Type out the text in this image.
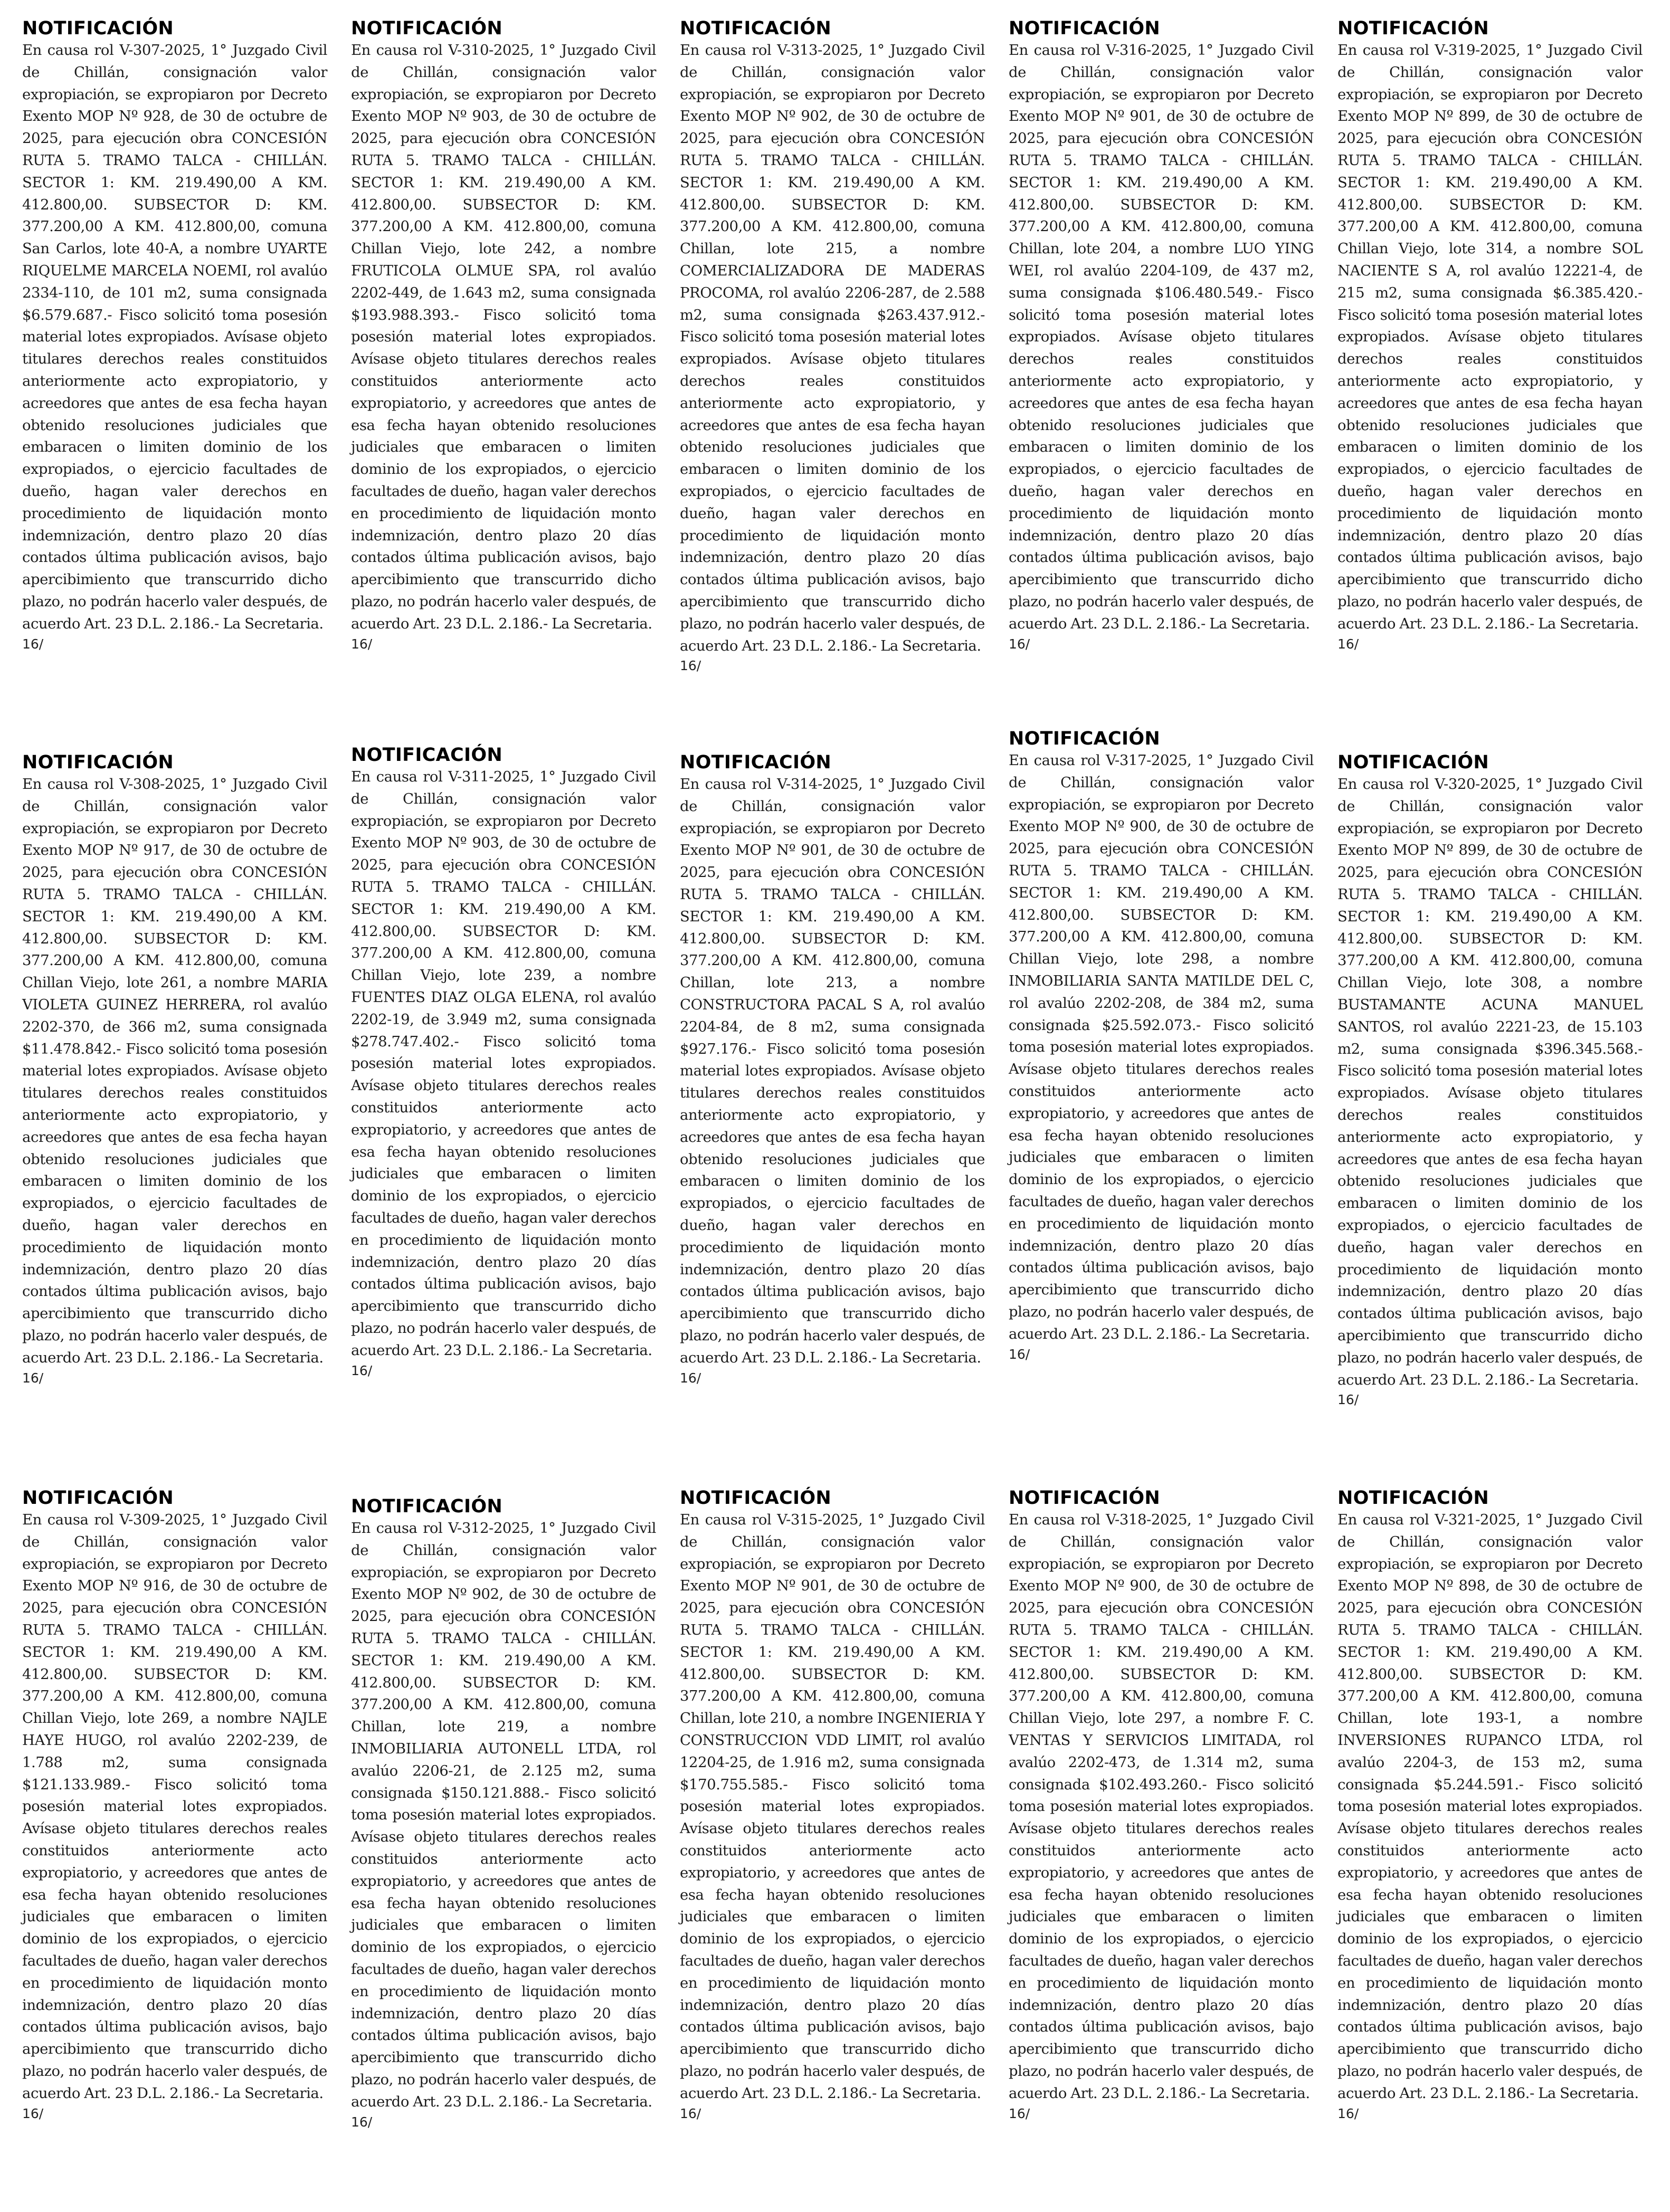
NOTIFICACIÓN

En causa rol V-307-2025, 1° Juzgado Civil de Chillán, consignación valor expropiación, se expropiaron por Decreto Exento MOP Nº 928, de 30 de octubre de 2025, para ejecución obra CONCESIÓN RUTA 5. TRAMO TALCA - CHILLÁN. SECTOR 1: KM. 219.490,00 A KM. 412.800,00. SUBSECTOR D: KM. 377.200,00 A KM. 412.800,00, comuna San Carlos, lote 40-A, a nombre UYARTE RIQUELME MARCELA NOEMI, rol avalúo 2334-110, de 101 m2, suma consignada $6.579.687.- Fisco solicitó toma posesión material lotes expropiados. Avísase objeto titulares derechos reales constituidos anteriormente acto expropiatorio, y acreedores que antes de esa fecha hayan obtenido resoluciones judiciales que embaracen o limiten dominio de los expropiados, o ejercicio facultades de dueño, hagan valer derechos en procedimiento de liquidación monto indemnización, dentro plazo 20 días contados última publicación avisos, bajo apercibimiento que transcurrido dicho plazo, no podrán hacerlo valer después, de acuerdo Art. 23 D.L. 2.186.- La Secretaria.

16/

NOTIFICACIÓN

En causa rol V-310-2025, 1° Juzgado Civil de Chillán, consignación valor expropiación, se expropiaron por Decreto Exento MOP Nº 903, de 30 de octubre de 2025, para ejecución obra CONCESIÓN RUTA 5. TRAMO TALCA - CHILLÁN. SECTOR 1: KM. 219.490,00 A KM. 412.800,00. SUBSECTOR D: KM. 377.200,00 A KM. 412.800,00, comuna Chillan Viejo, lote 242, a nombre FRUTICOLA OLMUE SPA, rol avalúo 2202-449, de 1.643 m2, suma consignada $193.988.393.- Fisco solicitó toma posesión material lotes expropiados. Avísase objeto titulares derechos reales constituidos anteriormente acto expropiatorio, y acreedores que antes de esa fecha hayan obtenido resoluciones judiciales que embaracen o limiten dominio de los expropiados, o ejercicio facultades de dueño, hagan valer derechos en procedimiento de liquidación monto indemnización, dentro plazo 20 días contados última publicación avisos, bajo apercibimiento que transcurrido dicho plazo, no podrán hacerlo valer después, de acuerdo Art. 23 D.L. 2.186.- La Secretaria.

16/

NOTIFICACIÓN

En causa rol V-313-2025, 1° Juzgado Civil de Chillán, consignación valor expropiación, se expropiaron por Decreto Exento MOP Nº 902, de 30 de octubre de 2025, para ejecución obra CONCESIÓN RUTA 5. TRAMO TALCA - CHILLÁN. SECTOR 1: KM. 219.490,00 A KM. 412.800,00. SUBSECTOR D: KM. 377.200,00 A KM. 412.800,00, comuna Chillan, lote 215, a nombre COMERCIALIZADORA DE MADERAS PROCOMA, rol avalúo 2206-287, de 2.588 m2, suma consignada $263.437.912.- Fisco solicitó toma posesión material lotes expropiados. Avísase objeto titulares derechos reales constituidos anteriormente acto expropiatorio, y acreedores que antes de esa fecha hayan obtenido resoluciones judiciales que embaracen o limiten dominio de los expropiados, o ejercicio facultades de dueño, hagan valer derechos en procedimiento de liquidación monto indemnización, dentro plazo 20 días contados última publicación avisos, bajo apercibimiento que transcurrido dicho plazo, no podrán hacerlo valer después, de acuerdo Art. 23 D.L. 2.186.- La Secretaria.

16/

NOTIFICACIÓN

En causa rol V-316-2025, 1° Juzgado Civil de Chillán, consignación valor expropiación, se expropiaron por Decreto Exento MOP Nº 901, de 30 de octubre de 2025, para ejecución obra CONCESIÓN RUTA 5. TRAMO TALCA - CHILLÁN. SECTOR 1: KM. 219.490,00 A KM. 412.800,00. SUBSECTOR D: KM. 377.200,00 A KM. 412.800,00, comuna Chillan, lote 204, a nombre LUO YING WEI, rol avalúo 2204-109, de 437 m2, suma consignada $106.480.549.- Fisco solicitó toma posesión material lotes expropiados. Avísase objeto titulares derechos reales constituidos anteriormente acto expropiatorio, y acreedores que antes de esa fecha hayan obtenido resoluciones judiciales que embaracen o limiten dominio de los expropiados, o ejercicio facultades de dueño, hagan valer derechos en procedimiento de liquidación monto indemnización, dentro plazo 20 días contados última publicación avisos, bajo apercibimiento que transcurrido dicho plazo, no podrán hacerlo valer después, de acuerdo Art. 23 D.L. 2.186.- La Secretaria.

16/

NOTIFICACIÓN

En causa rol V-319-2025, 1° Juzgado Civil de Chillán, consignación valor expropiación, se expropiaron por Decreto Exento MOP Nº 899, de 30 de octubre de 2025, para ejecución obra CONCESIÓN RUTA 5. TRAMO TALCA - CHILLÁN. SECTOR 1: KM. 219.490,00 A KM. 412.800,00. SUBSECTOR D: KM. 377.200,00 A KM. 412.800,00, comuna Chillan Viejo, lote 314, a nombre SOL NACIENTE S A, rol avalúo 12221-4, de 215 m2, suma consignada $6.385.420.- Fisco solicitó toma posesión material lotes expropiados. Avísase objeto titulares derechos reales constituidos anteriormente acto expropiatorio, y acreedores que antes de esa fecha hayan obtenido resoluciones judiciales que embaracen o limiten dominio de los expropiados, o ejercicio facultades de dueño, hagan valer derechos en procedimiento de liquidación monto indemnización, dentro plazo 20 días contados última publicación avisos, bajo apercibimiento que transcurrido dicho plazo, no podrán hacerlo valer después, de acuerdo Art. 23 D.L. 2.186.- La Secretaria.

16/

NOTIFICACIÓN

En causa rol V-308-2025, 1° Juzgado Civil de Chillán, consignación valor expropiación, se expropiaron por Decreto Exento MOP Nº 917, de 30 de octubre de 2025, para ejecución obra CONCESIÓN RUTA 5. TRAMO TALCA - CHILLÁN. SECTOR 1: KM. 219.490,00 A KM. 412.800,00. SUBSECTOR D: KM. 377.200,00 A KM. 412.800,00, comuna Chillan Viejo, lote 261, a nombre MARIA VIOLETA GUINEZ HERRERA, rol avalúo 2202-370, de 366 m2, suma consignada $11.478.842.- Fisco solicitó toma posesión material lotes expropiados. Avísase objeto titulares derechos reales constituidos anteriormente acto expropiatorio, y acreedores que antes de esa fecha hayan obtenido resoluciones judiciales que embaracen o limiten dominio de los expropiados, o ejercicio facultades de dueño, hagan valer derechos en procedimiento de liquidación monto indemnización, dentro plazo 20 días contados última publicación avisos, bajo apercibimiento que transcurrido dicho plazo, no podrán hacerlo valer después, de acuerdo Art. 23 D.L. 2.186.- La Secretaria.

16/

NOTIFICACIÓN

En causa rol V-311-2025, 1° Juzgado Civil de Chillán, consignación valor expropiación, se expropiaron por Decreto Exento MOP Nº 903, de 30 de octubre de 2025, para ejecución obra CONCESIÓN RUTA 5. TRAMO TALCA - CHILLÁN. SECTOR 1: KM. 219.490,00 A KM. 412.800,00. SUBSECTOR D: KM. 377.200,00 A KM. 412.800,00, comuna Chillan Viejo, lote 239, a nombre FUENTES DIAZ OLGA ELENA, rol avalúo 2202-19, de 3.949 m2, suma consignada $278.747.402.- Fisco solicitó toma posesión material lotes expropiados. Avísase objeto titulares derechos reales constituidos anteriormente acto expropiatorio, y acreedores que antes de esa fecha hayan obtenido resoluciones judiciales que embaracen o limiten dominio de los expropiados, o ejercicio facultades de dueño, hagan valer derechos en procedimiento de liquidación monto indemnización, dentro plazo 20 días contados última publicación avisos, bajo apercibimiento que transcurrido dicho plazo, no podrán hacerlo valer después, de acuerdo Art. 23 D.L. 2.186.- La Secretaria.

16/

NOTIFICACIÓN

En causa rol V-314-2025, 1° Juzgado Civil de Chillán, consignación valor expropiación, se expropiaron por Decreto Exento MOP Nº 901, de 30 de octubre de 2025, para ejecución obra CONCESIÓN RUTA 5. TRAMO TALCA - CHILLÁN. SECTOR 1: KM. 219.490,00 A KM. 412.800,00. SUBSECTOR D: KM. 377.200,00 A KM. 412.800,00, comuna Chillan, lote 213, a nombre CONSTRUCTORA PACAL S A, rol avalúo 2204-84, de 8 m2, suma consignada $927.176.- Fisco solicitó toma posesión material lotes expropiados. Avísase objeto titulares derechos reales constituidos anteriormente acto expropiatorio, y acreedores que antes de esa fecha hayan obtenido resoluciones judiciales que embaracen o limiten dominio de los expropiados, o ejercicio facultades de dueño, hagan valer derechos en procedimiento de liquidación monto indemnización, dentro plazo 20 días contados última publicación avisos, bajo apercibimiento que transcurrido dicho plazo, no podrán hacerlo valer después, de acuerdo Art. 23 D.L. 2.186.- La Secretaria.

16/

NOTIFICACIÓN

En causa rol V-317-2025, 1° Juzgado Civil de Chillán, consignación valor expropiación, se expropiaron por Decreto Exento MOP Nº 900, de 30 de octubre de 2025, para ejecución obra CONCESIÓN RUTA 5. TRAMO TALCA - CHILLÁN. SECTOR 1: KM. 219.490,00 A KM. 412.800,00. SUBSECTOR D: KM. 377.200,00 A KM. 412.800,00, comuna Chillan Viejo, lote 298, a nombre INMOBILIARIA SANTA MATILDE DEL C, rol avalúo 2202-208, de 384 m2, suma consignada $25.592.073.- Fisco solicitó toma posesión material lotes expropiados. Avísase objeto titulares derechos reales constituidos anteriormente acto expropiatorio, y acreedores que antes de esa fecha hayan obtenido resoluciones judiciales que embaracen o limiten dominio de los expropiados, o ejercicio facultades de dueño, hagan valer derechos en procedimiento de liquidación monto indemnización, dentro plazo 20 días contados última publicación avisos, bajo apercibimiento que transcurrido dicho plazo, no podrán hacerlo valer después, de acuerdo Art. 23 D.L. 2.186.- La Secretaria.

16/

NOTIFICACIÓN

En causa rol V-320-2025, 1° Juzgado Civil de Chillán, consignación valor expropiación, se expropiaron por Decreto Exento MOP Nº 899, de 30 de octubre de 2025, para ejecución obra CONCESIÓN RUTA 5. TRAMO TALCA - CHILLÁN. SECTOR 1: KM. 219.490,00 A KM. 412.800,00. SUBSECTOR D: KM. 377.200,00 A KM. 412.800,00, comuna Chillan Viejo, lote 308, a nombre BUSTAMANTE ACUNA MANUEL SANTOS, rol avalúo 2221-23, de 15.103 m2, suma consignada $396.345.568.- Fisco solicitó toma posesión material lotes expropiados. Avísase objeto titulares derechos reales constituidos anteriormente acto expropiatorio, y acreedores que antes de esa fecha hayan obtenido resoluciones judiciales que embaracen o limiten dominio de los expropiados, o ejercicio facultades de dueño, hagan valer derechos en procedimiento de liquidación monto indemnización, dentro plazo 20 días contados última publicación avisos, bajo apercibimiento que transcurrido dicho plazo, no podrán hacerlo valer después, de acuerdo Art. 23 D.L. 2.186.- La Secretaria.

16/

NOTIFICACIÓN

En causa rol V-309-2025, 1° Juzgado Civil de Chillán, consignación valor expropiación, se expropiaron por Decreto Exento MOP Nº 916, de 30 de octubre de 2025, para ejecución obra CONCESIÓN RUTA 5. TRAMO TALCA - CHILLÁN. SECTOR 1: KM. 219.490,00 A KM. 412.800,00. SUBSECTOR D: KM. 377.200,00 A KM. 412.800,00, comuna Chillan Viejo, lote 269, a nombre NAJLE HAYE HUGO, rol avalúo 2202-239, de 1.788 m2, suma consignada $121.133.989.- Fisco solicitó toma posesión material lotes expropiados. Avísase objeto titulares derechos reales constituidos anteriormente acto expropiatorio, y acreedores que antes de esa fecha hayan obtenido resoluciones judiciales que embaracen o limiten dominio de los expropiados, o ejercicio facultades de dueño, hagan valer derechos en procedimiento de liquidación monto indemnización, dentro plazo 20 días contados última publicación avisos, bajo apercibimiento que transcurrido dicho plazo, no podrán hacerlo valer después, de acuerdo Art. 23 D.L. 2.186.- La Secretaria.

16/

NOTIFICACIÓN

En causa rol V-312-2025, 1° Juzgado Civil de Chillán, consignación valor expropiación, se expropiaron por Decreto Exento MOP Nº 902, de 30 de octubre de 2025, para ejecución obra CONCESIÓN RUTA 5. TRAMO TALCA - CHILLÁN. SECTOR 1: KM. 219.490,00 A KM. 412.800,00. SUBSECTOR D: KM. 377.200,00 A KM. 412.800,00, comuna Chillan, lote 219, a nombre INMOBILIARIA AUTONELL LTDA, rol avalúo 2206-21, de 2.125 m2, suma consignada $150.121.888.- Fisco solicitó toma posesión material lotes expropiados. Avísase objeto titulares derechos reales constituidos anteriormente acto expropiatorio, y acreedores que antes de esa fecha hayan obtenido resoluciones judiciales que embaracen o limiten dominio de los expropiados, o ejercicio facultades de dueño, hagan valer derechos en procedimiento de liquidación monto indemnización, dentro plazo 20 días contados última publicación avisos, bajo apercibimiento que transcurrido dicho plazo, no podrán hacerlo valer después, de acuerdo Art. 23 D.L. 2.186.- La Secretaria.

16/

NOTIFICACIÓN

En causa rol V-315-2025, 1° Juzgado Civil de Chillán, consignación valor expropiación, se expropiaron por Decreto Exento MOP Nº 901, de 30 de octubre de 2025, para ejecución obra CONCESIÓN RUTA 5. TRAMO TALCA - CHILLÁN. SECTOR 1: KM. 219.490,00 A KM. 412.800,00. SUBSECTOR D: KM. 377.200,00 A KM. 412.800,00, comuna Chillan, lote 210, a nombre INGENIERIA Y CONSTRUCCION VDD LIMIT, rol avalúo 12204-25, de 1.916 m2, suma consignada $170.755.585.- Fisco solicitó toma posesión material lotes expropiados. Avísase objeto titulares derechos reales constituidos anteriormente acto expropiatorio, y acreedores que antes de esa fecha hayan obtenido resoluciones judiciales que embaracen o limiten dominio de los expropiados, o ejercicio facultades de dueño, hagan valer derechos en procedimiento de liquidación monto indemnización, dentro plazo 20 días contados última publicación avisos, bajo apercibimiento que transcurrido dicho plazo, no podrán hacerlo valer después, de acuerdo Art. 23 D.L. 2.186.- La Secretaria.

16/

NOTIFICACIÓN

En causa rol V-318-2025, 1° Juzgado Civil de Chillán, consignación valor expropiación, se expropiaron por Decreto Exento MOP Nº 900, de 30 de octubre de 2025, para ejecución obra CONCESIÓN RUTA 5. TRAMO TALCA - CHILLÁN. SECTOR 1: KM. 219.490,00 A KM. 412.800,00. SUBSECTOR D: KM. 377.200,00 A KM. 412.800,00, comuna Chillan Viejo, lote 297, a nombre F. C. VENTAS Y SERVICIOS LIMITADA, rol avalúo 2202-473, de 1.314 m2, suma consignada $102.493.260.- Fisco solicitó toma posesión material lotes expropiados. Avísase objeto titulares derechos reales constituidos anteriormente acto expropiatorio, y acreedores que antes de esa fecha hayan obtenido resoluciones judiciales que embaracen o limiten dominio de los expropiados, o ejercicio facultades de dueño, hagan valer derechos en procedimiento de liquidación monto indemnización, dentro plazo 20 días contados última publicación avisos, bajo apercibimiento que transcurrido dicho plazo, no podrán hacerlo valer después, de acuerdo Art. 23 D.L. 2.186.- La Secretaria.

16/

NOTIFICACIÓN

En causa rol V-321-2025, 1° Juzgado Civil de Chillán, consignación valor expropiación, se expropiaron por Decreto Exento MOP Nº 898, de 30 de octubre de 2025, para ejecución obra CONCESIÓN RUTA 5. TRAMO TALCA - CHILLÁN. SECTOR 1: KM. 219.490,00 A KM. 412.800,00. SUBSECTOR D: KM. 377.200,00 A KM. 412.800,00, comuna Chillan, lote 193-1, a nombre INVERSIONES RUPANCO LTDA, rol avalúo 2204-3, de 153 m2, suma consignada $5.244.591.- Fisco solicitó toma posesión material lotes expropiados. Avísase objeto titulares derechos reales constituidos anteriormente acto expropiatorio, y acreedores que antes de esa fecha hayan obtenido resoluciones judiciales que embaracen o limiten dominio de los expropiados, o ejercicio facultades de dueño, hagan valer derechos en procedimiento de liquidación monto indemnización, dentro plazo 20 días contados última publicación avisos, bajo apercibimiento que transcurrido dicho plazo, no podrán hacerlo valer después, de acuerdo Art. 23 D.L. 2.186.- La Secretaria.

16/
